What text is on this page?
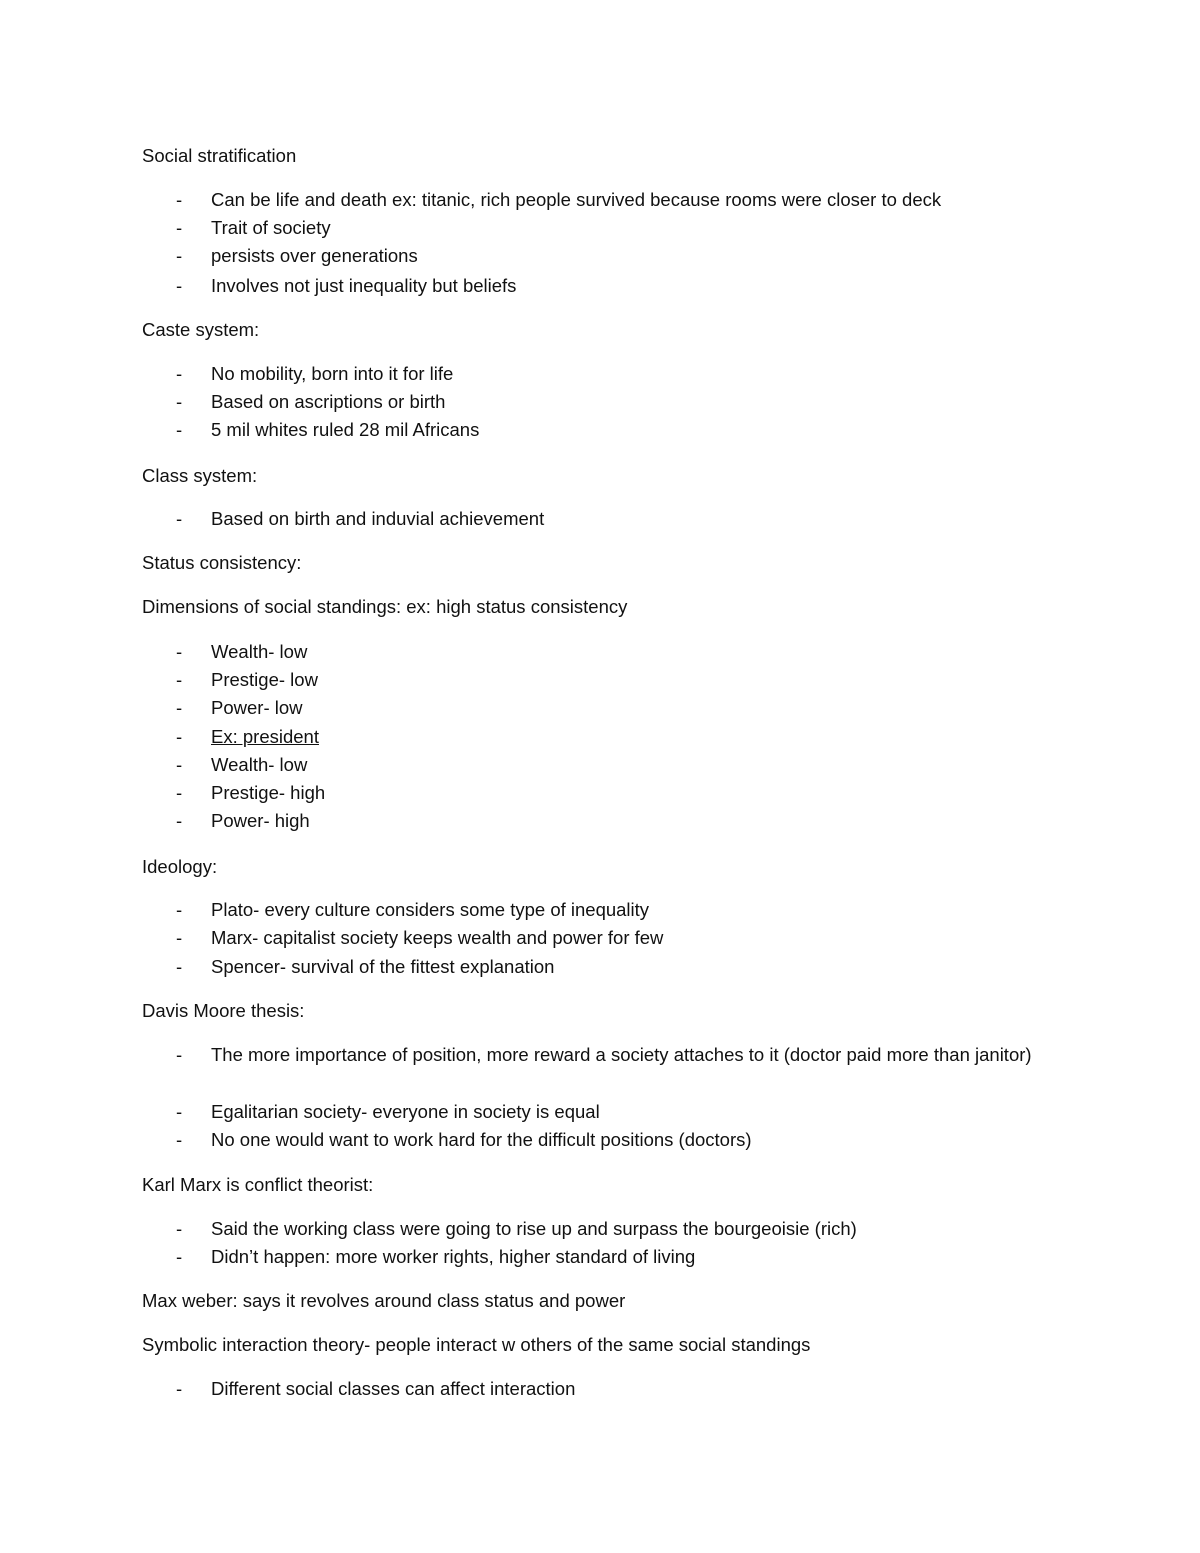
Social stratification
- Can be life and death ex: titanic, rich people survived because rooms were closer to deck
- Trait of society
- persists over generations
- Involves not just inequality but beliefs
Caste system:
- No mobility, born into it for life
- Based on ascriptions or birth
- 5 mil whites ruled 28 mil Africans
Class system:
- Based on birth and induvial achievement
Status consistency:
Dimensions of social standings: ex: high status consistency
- Wealth- low
- Prestige- low
- Power- low
- Ex: president
- Wealth- low
- Prestige- high
- Power- high
Ideology:
- Plato- every culture considers some type of inequality
- Marx- capitalist society keeps wealth and power for few
- Spencer- survival of the fittest explanation
Davis Moore thesis:
- The more importance of position, more reward a society attaches to it (doctor paid more than janitor)
- Egalitarian society- everyone in society is equal
- No one would want to work hard for the difficult positions (doctors)
Karl Marx is conflict theorist:
- Said the working class were going to rise up and surpass the bourgeoisie (rich)
- Didn’t happen: more worker rights, higher standard of living
Max weber: says it revolves around class status and power
Symbolic interaction theory- people interact w others of the same social standings
- Different social classes can affect interaction
